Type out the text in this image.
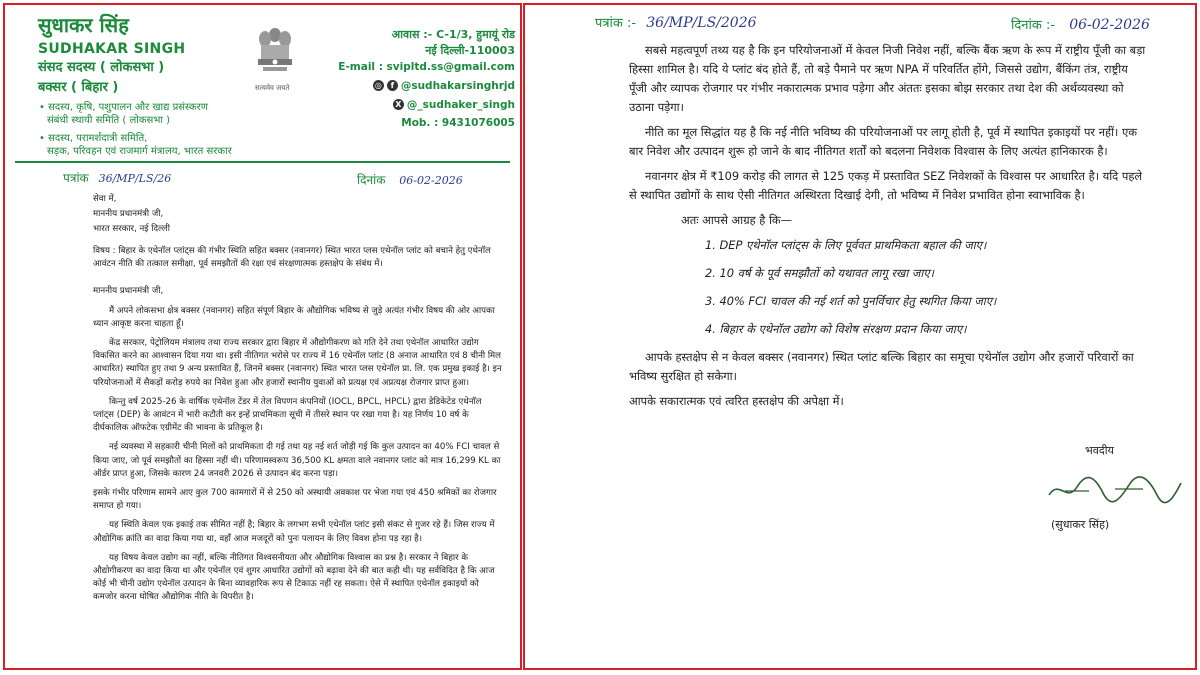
सुधाकर सिंह
SUDHAKAR SINGH
संसद सदस्य ( लोकसभा )
बक्सर ( बिहार )
• सदस्य, कृषि, पशुपालन और खाद्य प्रसंस्करण
संबंधी स्थायी समिति ( लोकसभा )
• सदस्य, परामर्शदात्री समिति,
सड़क, परिवहन एवं राजमार्ग मंत्रालय, भारत सरकार
सत्यमेव जयते
आवास :- C-1/3, हुमायूं रोड
नई दिल्ली-110003
E-mail : svipltd.ss@gmail.com
◎	f @sudhakarsinghrjd
X @_sudhaker_singh
Mob. : 9431076005
पत्रांक 36/MP/LS/26	दिनांक 06-02-2026
सेवा में,
माननीय प्रधानमंत्री जी,
भारत सरकार, नई दिल्ली

विषय : बिहार के एथेनॉल प्लांट्स की गंभीर स्थिति सहित बक्सर (नवानगर) स्थित भारत प्लस एथेनॉल प्लांट को बचाने हेतु एथेनॉल आवंटन नीति की तत्काल समीक्षा, पूर्व समझौतों की रक्षा एवं संरक्षणात्मक हस्तक्षेप के संबंध में।

माननीय प्रधानमंत्री जी,

मैं अपने लोकसभा क्षेत्र बक्सर (नवानगर) सहित संपूर्ण बिहार के औद्योगिक भविष्य से जुड़े अत्यंत गंभीर विषय की ओर आपका ध्यान आकृष्ट करना चाहता हूँ।

केंद्र सरकार, पेट्रोलियम मंत्रालय तथा राज्य सरकार द्वारा बिहार में औद्योगीकरण को गति देने तथा एथेनॉल आधारित उद्योग विकसित करने का आश्वासन दिया गया था। इसी नीतिगत भरोसे पर राज्य में 16 एथेनॉल प्लांट (8 अनाज आधारित एवं 8 चीनी मिल आधारित) स्थापित हुए तथा 9 अन्य प्रस्तावित हैं, जिनमें बक्सर (नवानगर) स्थित भारत प्लस एथेनॉल प्रा. लि. एक प्रमुख इकाई है। इन परियोजनाओं में सैकड़ों करोड़ रुपये का निवेश हुआ और हजारों स्थानीय युवाओं को प्रत्यक्ष एवं अप्रत्यक्ष रोजगार प्राप्त हुआ।

किन्तु वर्ष 2025-26 के वार्षिक एथेनॉल टेंडर में तेल विपणन कंपनियों (IOCL, BPCL, HPCL) द्वारा डेडिकेटेड एथेनॉल प्लांट्स (DEP) के आवंटन में भारी कटौती कर इन्हें प्राथमिकता सूची में तीसरे स्थान पर रखा गया है। यह निर्णय 10 वर्ष के दीर्घकालिक ऑफटेक एग्रीमेंट की भावना के प्रतिकूल है।

नई व्यवस्था में सहकारी चीनी मिलों को प्राथमिकता दी गई तथा यह नई शर्त जोड़ी गई कि कुल उत्पादन का 40% FCI चावल से किया जाए, जो पूर्व समझौतों का हिस्सा नहीं थी। परिणामस्वरूप 36,500 KL क्षमता वाले नवानगर प्लांट को मात्र 16,299 KL का ऑर्डर प्राप्त हुआ, जिसके कारण 24 जनवरी 2026 से उत्पादन बंद करना पड़ा।

इसके गंभीर परिणाम सामने आए कुल 700 कामगारों में से 250 को अस्थायी अवकाश पर भेजा गया एवं 450 श्रमिकों का रोजगार समाप्त हो गया।

यह स्थिति केवल एक इकाई तक सीमित नहीं है; बिहार के लगभग सभी एथेनॉल प्लांट इसी संकट से गुजर रहे हैं। जिस राज्य में औद्योगिक क्रांति का वादा किया गया था, वहाँ आज मजदूरों को पुनः पलायन के लिए विवश होना पड़ रहा है।

यह विषय केवल उद्योग का नहीं, बल्कि नीतिगत विश्वसनीयता और औद्योगिक विश्वास का प्रश्न है। सरकार ने बिहार के औद्योगीकरण का वादा किया था और एथेनॉल एवं शुगर आधारित उद्योगों को बढ़ावा देने की बात कही थी। यह सर्वविदित है कि आज कोई भी चीनी उद्योग एथेनॉल उत्पादन के बिना व्यावहारिक रूप से टिकाऊ नहीं रह सकता। ऐसे में स्थापित एथेनॉल इकाइयों को कमजोर करना घोषित औद्योगिक नीति के विपरीत है।

पत्रांक :- 36/MP/LS/2026	दिनांक :- 06-02-2026

सबसे महत्वपूर्ण तथ्य यह है कि इन परियोजनाओं में केवल निजी निवेश नहीं, बल्कि बैंक ऋण के रूप में राष्ट्रीय पूँजी का बड़ा हिस्सा शामिल है। यदि ये प्लांट बंद होते हैं, तो बड़े पैमाने पर ऋण NPA में परिवर्तित होंगे, जिससे उद्योग, बैंकिंग तंत्र, राष्ट्रीय पूँजी और व्यापक रोजगार पर गंभीर नकारात्मक प्रभाव पड़ेगा और अंततः इसका बोझ सरकार तथा देश की अर्थव्यवस्था को उठाना पड़ेगा।

नीति का मूल सिद्धांत यह है कि नई नीति भविष्य की परियोजनाओं पर लागू होती है, पूर्व में स्थापित इकाइयों पर नहीं। एक बार निवेश और उत्पादन शुरू हो जाने के बाद नीतिगत शर्तों को बदलना निवेशक विश्वास के लिए अत्यंत हानिकारक है।

नवानगर क्षेत्र में ₹109 करोड़ की लागत से 125 एकड़ में प्रस्तावित SEZ निवेशकों के विश्वास पर आधारित है। यदि पहले से स्थापित उद्योगों के साथ ऐसी नीतिगत अस्थिरता दिखाई देगी, तो भविष्य में निवेश प्रभावित होना स्वाभाविक है।

अतः आपसे आग्रह है कि—

1. DEP एथेनॉल प्लांट्स के लिए पूर्ववत प्राथमिकता बहाल की जाए।
2. 10 वर्ष के पूर्व समझौतों को यथावत लागू रखा जाए।
3. 40% FCI चावल की नई शर्त को पुनर्विचार हेतु स्थगित किया जाए।
4. बिहार के एथेनॉल उद्योग को विशेष संरक्षण प्रदान किया जाए।

आपके हस्तक्षेप से न केवल बक्सर (नवानगर) स्थित प्लांट बल्कि बिहार का समूचा एथेनॉल उद्योग और हजारों परिवारों का भविष्य सुरक्षित हो सकेगा।

आपके सकारात्मक एवं त्वरित हस्तक्षेप की अपेक्षा में।

भवदीय
(सुधाकर सिंह)
